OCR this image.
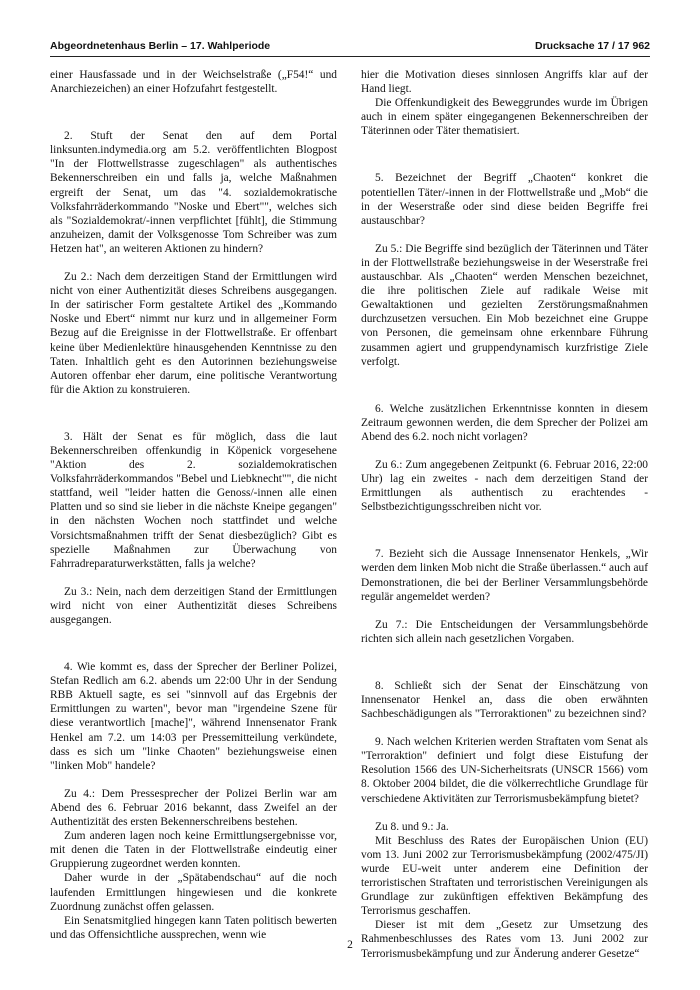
Abgeordnetenhaus Berlin – 17. Wahlperiode	Drucksache 17 / 17 962

einer Hausfassade und in der Weichselstraße („F54!“ und Anarchiezeichen) an einer Hofzufahrt festgestellt.

2. Stuft der Senat den auf dem Portal linksunten.indymedia.org am 5.2. veröffentlichten Blogpost "In der Flottwellstrasse zugeschlagen" als authentisches Bekennerschreiben ein und falls ja, welche Maßnahmen ergreift der Senat, um das "4. sozialdemokratische Volksfahrräderkommando "Noske und Ebert"", welches sich als "Sozialdemokrat/-innen verpflichtet [fühlt], die Stimmung anzuheizen, damit der Volksgenosse Tom Schreiber was zum Hetzen hat", an weiteren Aktionen zu hindern?

Zu 2.: Nach dem derzeitigen Stand der Ermittlungen wird nicht von einer Authentizität dieses Schreibens ausgegangen. In der satirischer Form gestaltete Artikel des „Kommando Noske und Ebert“ nimmt nur kurz und in allgemeiner Form Bezug auf die Ereignisse in der Flottwellstraße. Er offenbart keine über Medienlektüre hinausgehenden Kenntnisse zu den Taten. Inhaltlich geht es den Autorinnen beziehungsweise Autoren offenbar eher darum, eine politische Verantwortung für die Aktion zu konstruieren.

3. Hält der Senat es für möglich, dass die laut Bekennerschreiben offenkundig in Köpenick vorgesehene "Aktion des 2. sozialdemokratischen Volksfahrräderkommandos "Bebel und Liebknecht"", die nicht stattfand, weil "leider hatten die Genoss/-innen alle einen Platten und so sind sie lieber in die nächste Kneipe gegangen" in den nächsten Wochen noch stattfindet und welche Vorsichtsmaßnahmen trifft der Senat diesbezüglich? Gibt es spezielle Maßnahmen zur Überwachung von Fahrradreparaturwerkstätten, falls ja welche?

Zu 3.: Nein, nach dem derzeitigen Stand der Ermittlungen wird nicht von einer Authentizität dieses Schreibens ausgegangen.

4. Wie kommt es, dass der Sprecher der Berliner Polizei, Stefan Redlich am 6.2. abends um 22:00 Uhr in der Sendung RBB Aktuell sagte, es sei "sinnvoll auf das Ergebnis der Ermittlungen zu warten", bevor man "irgendeine Szene für diese verantwortlich [mache]", während Innensenator Frank Henkel am 7.2. um 14:03 per Pressemitteilung verkündete, dass es sich um "linke Chaoten" beziehungsweise einen "linken Mob" handele?

Zu 4.: Dem Pressesprecher der Polizei Berlin war am Abend des 6. Februar 2016 bekannt, dass Zweifel an der Authentizität des ersten Bekennerschreibens bestehen.

Zum anderen lagen noch keine Ermittlungsergebnisse vor, mit denen die Taten in der Flottwellstraße eindeutig einer Gruppierung zugeordnet werden konnten.

Daher wurde in der „Spätabendschau“ auf die noch laufenden Ermittlungen hingewiesen und die konkrete Zuordnung zunächst offen gelassen.

Ein Senatsmitglied hingegen kann Taten politisch bewerten und das Offensichtliche aussprechen, wenn wie

hier die Motivation dieses sinnlosen Angriffs klar auf der Hand liegt.

Die Offenkundigkeit des Beweggrundes wurde im Übrigen auch in einem später eingegangenen Bekennerschreiben der Täterinnen oder Täter thematisiert.

5. Bezeichnet der Begriff „Chaoten“ konkret die potentiellen Täter/-innen in der Flottwellstraße und „Mob“ die in der Weserstraße oder sind diese beiden Begriffe frei austauschbar?

Zu 5.: Die Begriffe sind bezüglich der Täterinnen und Täter in der Flottwellstraße beziehungsweise in der Weserstraße frei austauschbar. Als „Chaoten“ werden Menschen bezeichnet, die ihre politischen Ziele auf radikale Weise mit Gewaltaktionen und gezielten Zerstörungsmaßnahmen durchzusetzen versuchen. Ein Mob bezeichnet eine Gruppe von Personen, die gemeinsam ohne erkennbare Führung zusammen agiert und gruppendynamisch kurzfristige Ziele verfolgt.

6. Welche zusätzlichen Erkenntnisse konnten in diesem Zeitraum gewonnen werden, die dem Sprecher der Polizei am Abend des 6.2. noch nicht vorlagen?

Zu 6.: Zum angegebenen Zeitpunkt (6. Februar 2016, 22:00 Uhr) lag ein zweites - nach dem derzeitigen Stand der Ermittlungen als authentisch zu erachtendes - Selbstbezichtigungsschreiben nicht vor.

7. Bezieht sich die Aussage Innensenator Henkels, „Wir werden dem linken Mob nicht die Straße überlassen.“ auch auf Demonstrationen, die bei der Berliner Versammlungsbehörde regulär angemeldet werden?

Zu 7.: Die Entscheidungen der Versammlungsbehörde richten sich allein nach gesetzlichen Vorgaben.

8. Schließt sich der Senat der Einschätzung von Innensenator Henkel an, dass die oben erwähnten Sachbeschädigungen als "Terroraktionen" zu bezeichnen sind?

9. Nach welchen Kriterien werden Straftaten vom Senat als "Terroraktion" definiert und folgt diese Eistufung der Resolution 1566 des UN-Sicherheitsrats (UNSCR 1566) vom 8. Oktober 2004 bildet, die die völkerrechtliche Grundlage für verschiedene Aktivitäten zur Terrorismusbekämpfung bietet?

Zu 8. und 9.: Ja.

Mit Beschluss des Rates der Europäischen Union (EU) vom 13. Juni 2002 zur Terrorismusbekämpfung (2002/475/JI) wurde EU-weit unter anderem eine Definition der terroristischen Straftaten und terroristischen Vereinigungen als Grundlage zur zukünftigen effektiven Bekämpfung des Terrorismus geschaffen.

Dieser ist mit dem „Gesetz zur Umsetzung des Rahmenbeschlusses des Rates vom 13. Juni 2002 zur Terrorismusbekämpfung und zur Änderung anderer Gesetze“

2
